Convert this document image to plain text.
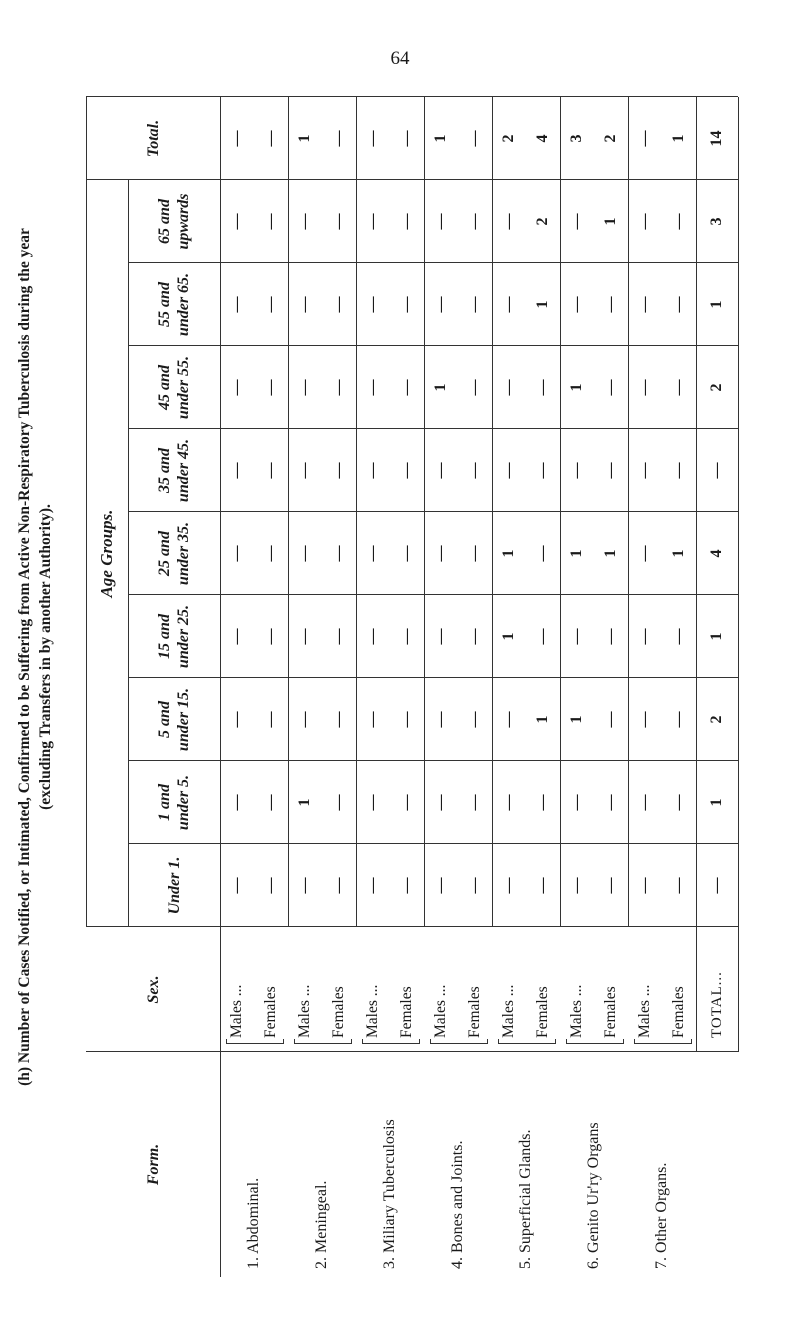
64
(h) Number of Cases Notified, or Intimated, Confirmed to be Suffering from Active Non-Respiratory Tuberculosis during the year (excluding Transfers in by another Authority).
Form.
Sex.
Age Groups.
Under 1.
1 and under 5.
5 and under 15.
15 and under 25.
25 and under 35.
35 and under 45.
45 and under 55.
55 and under 65.
65 and upwards
Total.
1. Abdominal.
Males ...
—
—
—
—
—
—
—
—
—
—
Females
—
—
—
—
—
—
—
—
—
—
2. Meningeal.
Males ...
—
1
—
—
—
—
—
—
—
1
Females
—
—
—
—
—
—
—
—
—
—
3. Miliary Tuberculosis
Males ...
—
—
—
—
—
—
—
—
—
—
Females
—
—
—
—
—
—
—
—
—
—
4. Bones and Joints.
Males ...
—
—
—
—
—
—
1
—
—
1
Females
—
—
—
—
—
—
—
—
—
—
5. Superficial Glands.
Males ...
—
—
—
1
1
—
—
—
—
2
Females
—
—
1
—
—
—
—
1
2
4
6. Genito Ur'ry Organs
Males ...
—
—
1
—
1
—
1
—
—
3
Females
—
—
—
—
1
—
—
—
1
2
7. Other Organs.
Males ...
—
—
—
—
—
—
—
—
—
—
Females
—
—
—
—
1
—
—
—
—
1
TOTAL...
—
1
2
1
4
—
2
1
3
14
